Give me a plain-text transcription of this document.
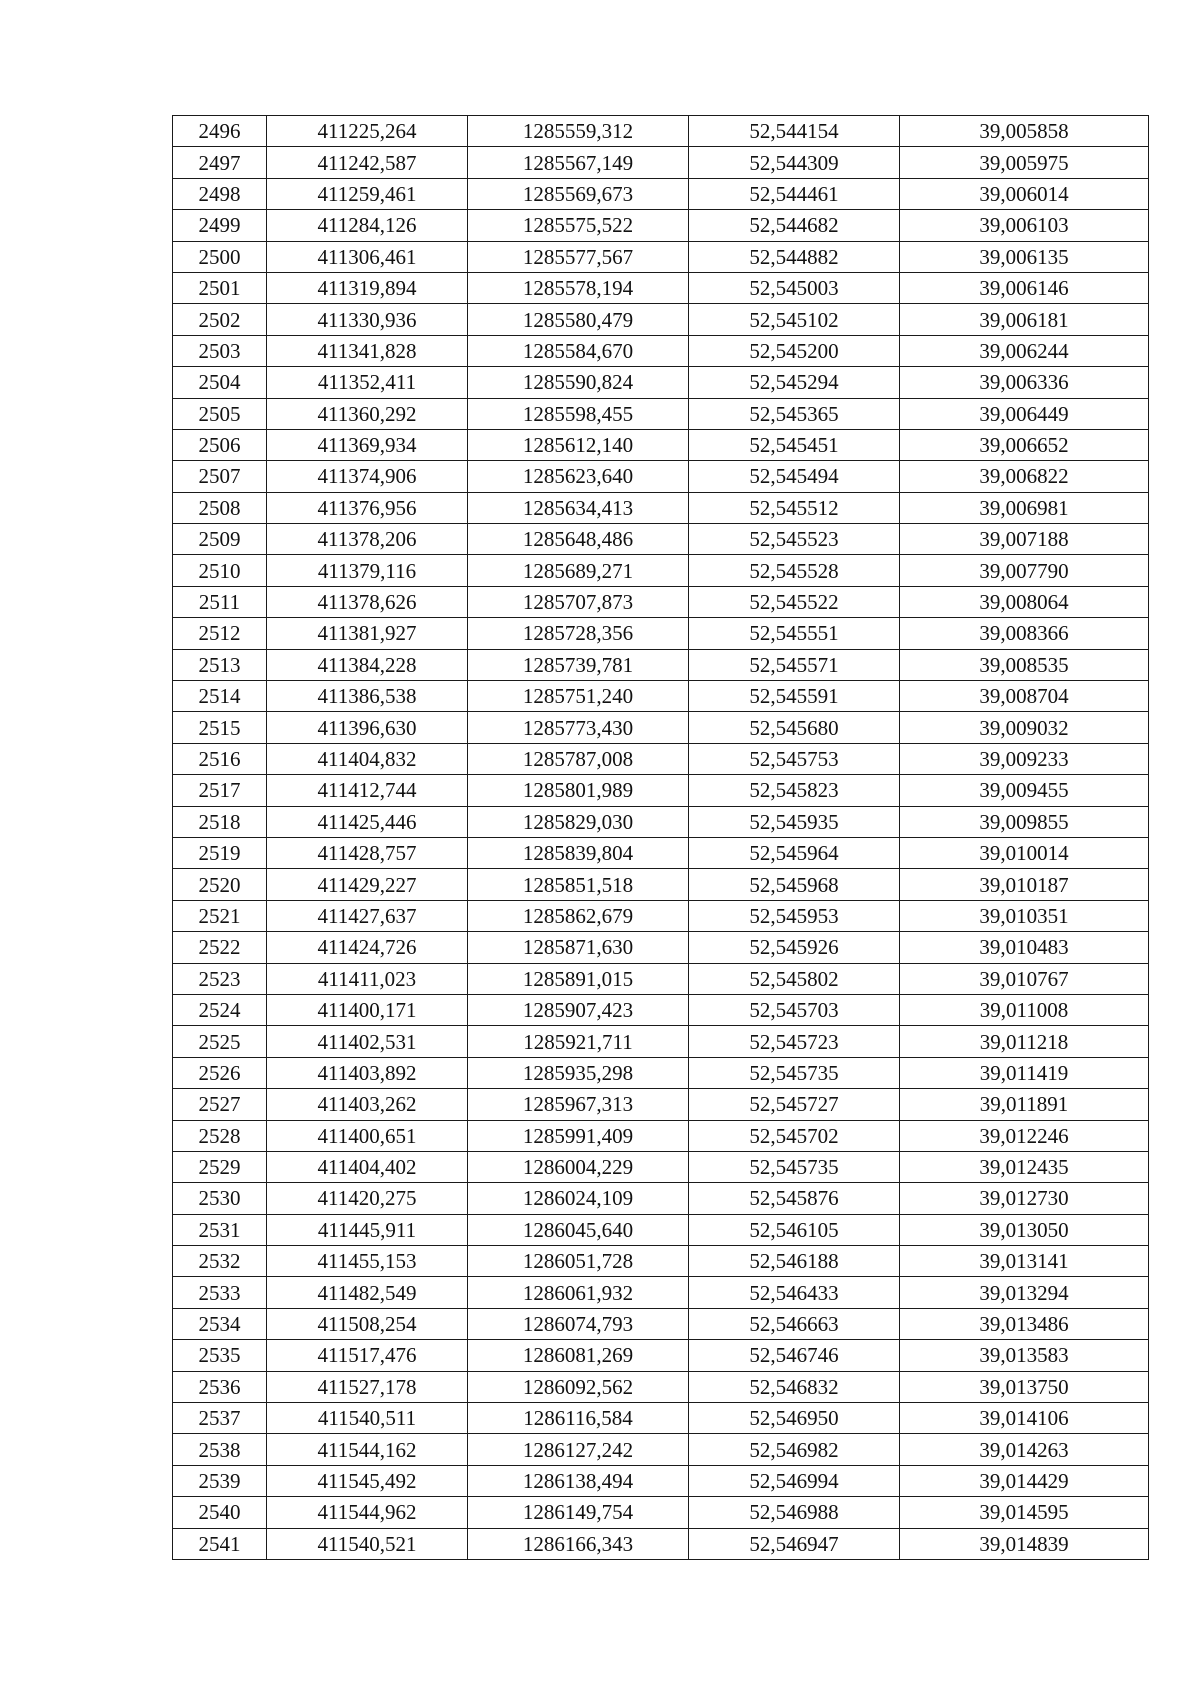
2496	411225,264	1285559,312	52,544154	39,005858
2497	411242,587	1285567,149	52,544309	39,005975
2498	411259,461	1285569,673	52,544461	39,006014
2499	411284,126	1285575,522	52,544682	39,006103
2500	411306,461	1285577,567	52,544882	39,006135
2501	411319,894	1285578,194	52,545003	39,006146
2502	411330,936	1285580,479	52,545102	39,006181
2503	411341,828	1285584,670	52,545200	39,006244
2504	411352,411	1285590,824	52,545294	39,006336
2505	411360,292	1285598,455	52,545365	39,006449
2506	411369,934	1285612,140	52,545451	39,006652
2507	411374,906	1285623,640	52,545494	39,006822
2508	411376,956	1285634,413	52,545512	39,006981
2509	411378,206	1285648,486	52,545523	39,007188
2510	411379,116	1285689,271	52,545528	39,007790
2511	411378,626	1285707,873	52,545522	39,008064
2512	411381,927	1285728,356	52,545551	39,008366
2513	411384,228	1285739,781	52,545571	39,008535
2514	411386,538	1285751,240	52,545591	39,008704
2515	411396,630	1285773,430	52,545680	39,009032
2516	411404,832	1285787,008	52,545753	39,009233
2517	411412,744	1285801,989	52,545823	39,009455
2518	411425,446	1285829,030	52,545935	39,009855
2519	411428,757	1285839,804	52,545964	39,010014
2520	411429,227	1285851,518	52,545968	39,010187
2521	411427,637	1285862,679	52,545953	39,010351
2522	411424,726	1285871,630	52,545926	39,010483
2523	411411,023	1285891,015	52,545802	39,010767
2524	411400,171	1285907,423	52,545703	39,011008
2525	411402,531	1285921,711	52,545723	39,011218
2526	411403,892	1285935,298	52,545735	39,011419
2527	411403,262	1285967,313	52,545727	39,011891
2528	411400,651	1285991,409	52,545702	39,012246
2529	411404,402	1286004,229	52,545735	39,012435
2530	411420,275	1286024,109	52,545876	39,012730
2531	411445,911	1286045,640	52,546105	39,013050
2532	411455,153	1286051,728	52,546188	39,013141
2533	411482,549	1286061,932	52,546433	39,013294
2534	411508,254	1286074,793	52,546663	39,013486
2535	411517,476	1286081,269	52,546746	39,013583
2536	411527,178	1286092,562	52,546832	39,013750
2537	411540,511	1286116,584	52,546950	39,014106
2538	411544,162	1286127,242	52,546982	39,014263
2539	411545,492	1286138,494	52,546994	39,014429
2540	411544,962	1286149,754	52,546988	39,014595
2541	411540,521	1286166,343	52,546947	39,014839
